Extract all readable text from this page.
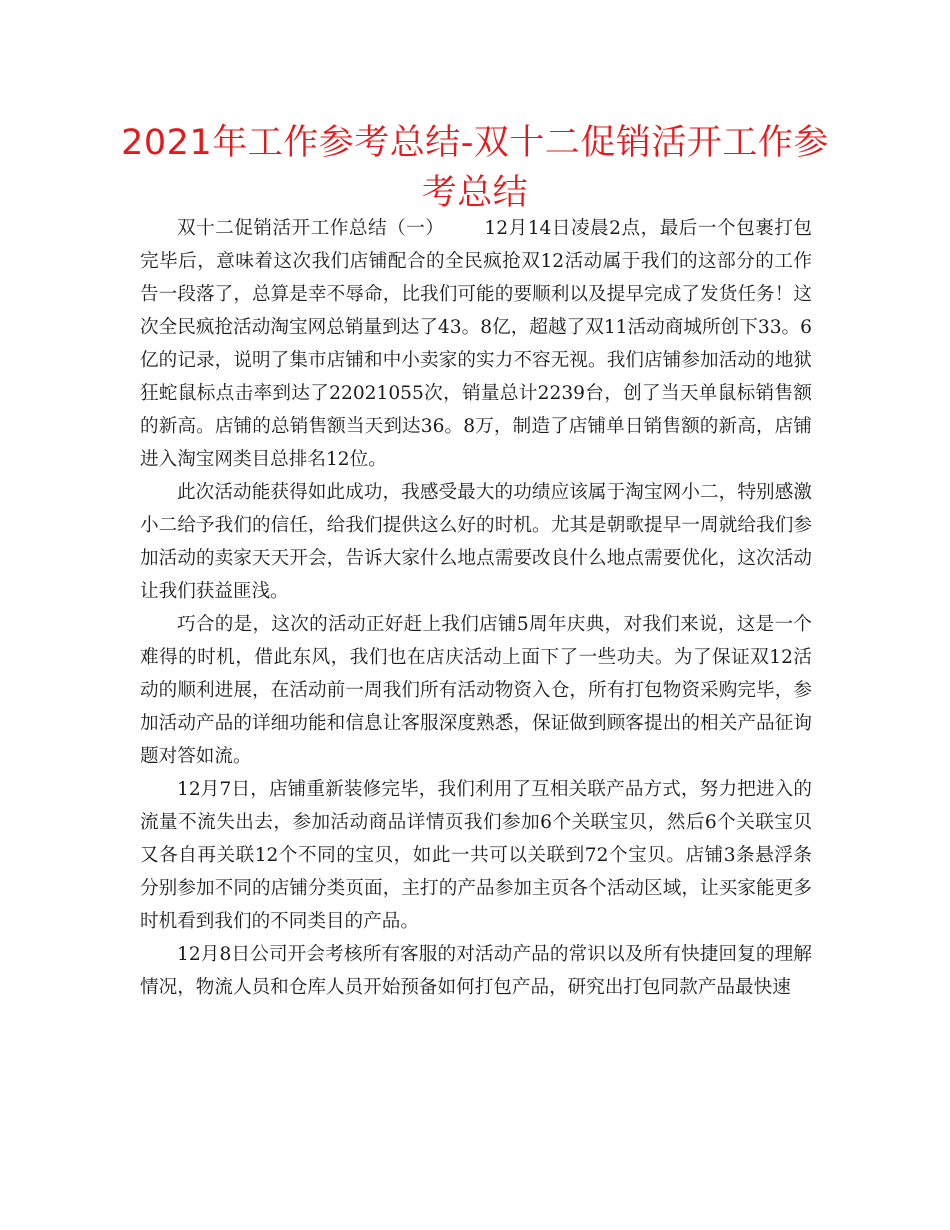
2021年工作参考总结-双十二促销活开工作参考总结

双十二促销活开工作总结（一） 12月14日凌晨2点，最后一个包裹打包完毕后，意味着这次我们店铺配合的全民疯抢双12活动属于我们的这部分的工作告一段落了，总算是幸不辱命，比我们可能的要顺利以及提早完成了发货任务！这次全民疯抢活动淘宝网总销量到达了43。8亿，超越了双11活动商城所创下33。6亿的记录，说明了集市店铺和中小卖家的实力不容无视。我们店铺参加活动的地狱狂蛇鼠标点击率到达了22021055次，销量总计2239台，创了当天单鼠标销售额的新高。店铺的总销售额当天到达36。8万，制造了店铺单日销售额的新高，店铺进入淘宝网类目总排名12位。

此次活动能获得如此成功，我感受最大的功绩应该属于淘宝网小二，特别感激小二给予我们的信任，给我们提供这么好的时机。尤其是朝歌提早一周就给我们参加活动的卖家天天开会，告诉大家什么地点需要改良什么地点需要优化，这次活动让我们获益匪浅。

巧合的是，这次的活动正好赶上我们店铺5周年庆典，对我们来说，这是一个难得的时机，借此东风，我们也在店庆活动上面下了一些功夫。为了保证双12活动的顺利进展，在活动前一周我们所有活动物资入仓，所有打包物资采购完毕，参加活动产品的详细功能和信息让客服深度熟悉，保证做到顾客提出的相关产品征询题对答如流。

12月7日，店铺重新装修完毕，我们利用了互相关联产品方式，努力把进入的流量不流失出去，参加活动商品详情页我们参加6个关联宝贝，然后6个关联宝贝又各自再关联12个不同的宝贝，如此一共可以关联到72个宝贝。店铺3条悬浮条分别参加不同的店铺分类页面，主打的产品参加主页各个活动区域，让买家能更多时机看到我们的不同类目的产品。

12月8日公司开会考核所有客服的对活动产品的常识以及所有快捷回复的理解情况，物流人员和仓库人员开始预备如何打包产品，研究出打包同款产品最快速
